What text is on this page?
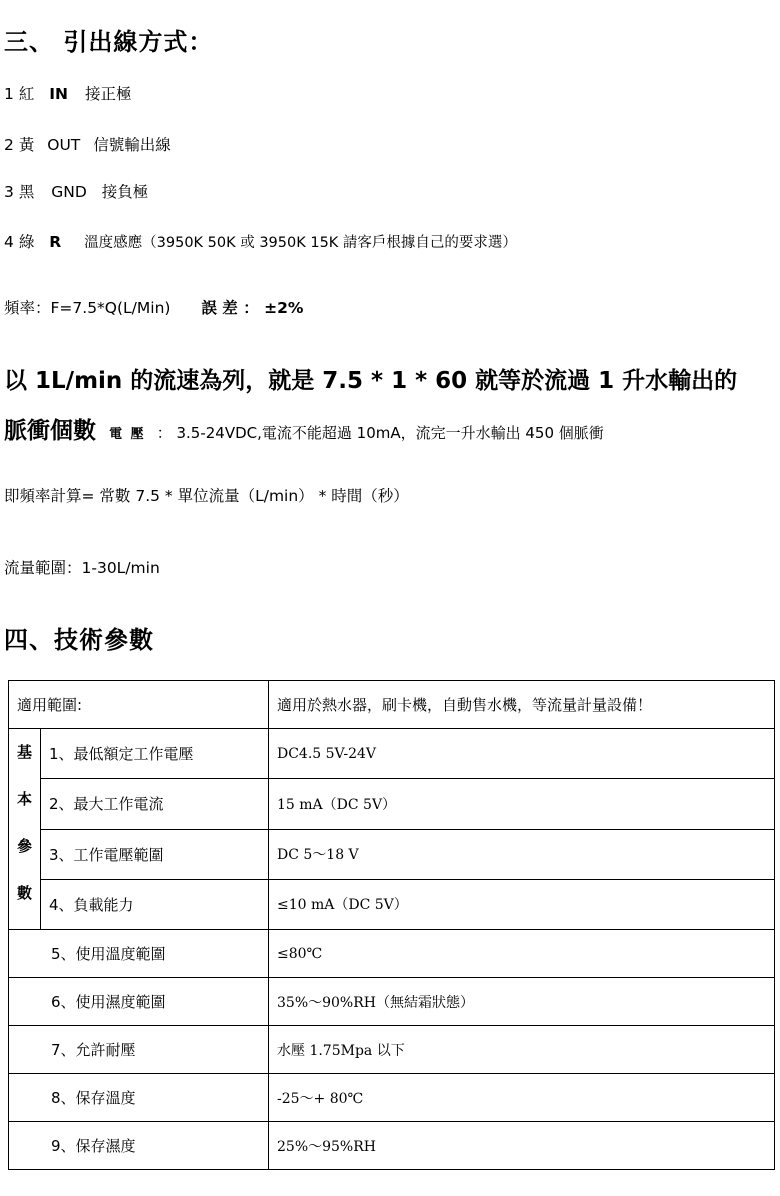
三、 引出線方式：
1 紅 IN 接正極
2 黃 OUT 信號輸出線
3 黑 GND 接負極
4 綠 R 溫度感應（3950K 50K 或 3950K 15K 請客戶根據自己的要求選）
頻率：F=7.5*Q(L/Min) 誤 差 ： ±2%
以 1L/min 的流速為列，就是 7.5 * 1 * 60 就等於流過 1 升水輸出的
脈衝個數 電 壓 ： 3.5-24VDC,電流不能超過 10mA，流完一升水輸出 450 個脈衝
即頻率計算= 常數 7.5 * 單位流量（L/min） * 時間（秒）
流量範圍：1-30L/min
四、技術參數
適用範圍:		適用於熱水器，刷卡機，自動售水機，等流量計量設備！

基
本
參
數	1、最低額定工作電壓	DC4.5 5V-24V
	2、最大工作電流	15 mA（DC 5V）
	3、工作電壓範圍	DC 5～18 V
	4、負載能力	≤10 mA（DC 5V）
5、使用溫度範圍		≤80℃
6、使用濕度範圍		35%～90%RH（無結霜狀態）
7、允許耐壓		水壓 1.75Mpa 以下
8、保存溫度		-25～+ 80℃
9、保存濕度		25%～95%RH
